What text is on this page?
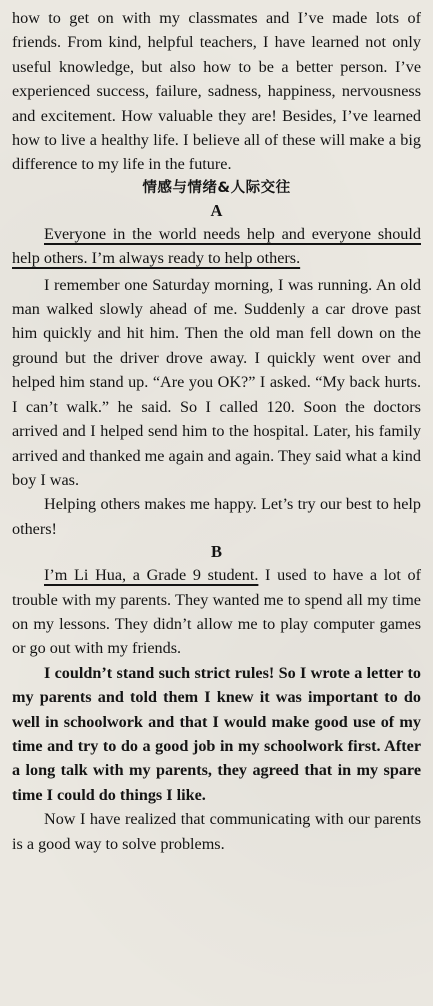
how to get on with my classmates and I’ve made lots of friends. From kind, helpful teachers, I have learned not only useful knowledge, but also how to be a better person. I’ve experienced success, failure, sadness, happiness, nervousness and excitement. How valuable they are! Besides, I’ve learned how to live a healthy life. I believe all of these will make a big difference to my life in the future.

情感与情绪&人际交往
A

Everyone in the world needs help and everyone should help others. I’m always ready to help others.

I remember one Saturday morning, I was running. An old man walked slowly ahead of me. Suddenly a car drove past him quickly and hit him. Then the old man fell down on the ground but the driver drove away. I quickly went over and helped him stand up. “Are you OK?” I asked. “My back hurts. I can’t walk.” he said. So I called 120. Soon the doctors arrived and I helped send him to the hospital. Later, his family arrived and thanked me again and again. They said what a kind boy I was.

Helping others makes me happy. Let’s try our best to help others!

B

I’m Li Hua, a Grade 9 student. I used to have a lot of trouble with my parents. They wanted me to spend all my time on my lessons. They didn’t allow me to play computer games or go out with my friends.

I couldn’t stand such strict rules! So I wrote a letter to my parents and told them I knew it was important to do well in schoolwork and that I would make good use of my time and try to do a good job in my schoolwork first. After a long talk with my parents, they agreed that in my spare time I could do things I like.

Now I have realized that communicating with our parents is a good way to solve problems.
